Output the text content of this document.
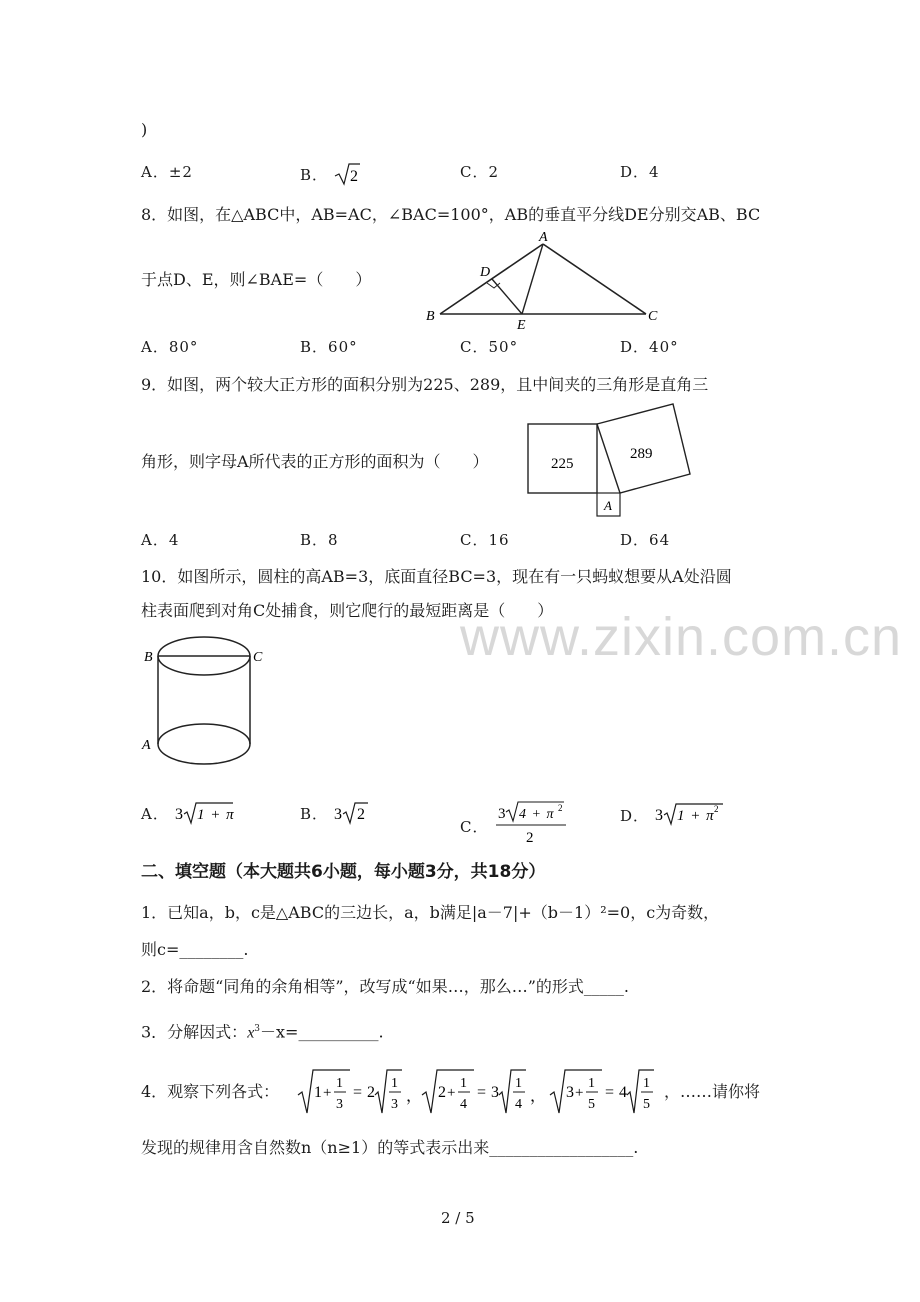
www.zixin.com.cn
)
A．±2	B． 2	C．2	D．4
8．如图，在△ABC中，AB=AC，∠BAC=100°，AB的垂直平分线DE分别交AB、BC
于点D、E，则∠BAE=（　　）
A
B	C
D
E
A．80°	B．60°	C．50°	D．40°
9．如图，两个较大正方形的面积分别为225、289，且中间夹的三角形是直角三
角形，则字母A所代表的正方形的面积为（　　）	225
289
A
A．4	B．8	C．16	D．64
10．如图所示，圆柱的高AB=3，底面直径BC=3，现在有一只蚂蚁想要从A处沿圆
柱表面爬到对角C处捕食，则它爬行的最短距离是（　　）
B	C
A
A． 3 1 + π	B． 3 2
C．
3 4 + π 2
2
D． 3 1 + π 2
二、填空题（本大题共6小题，每小题3分，共18分）
1．已知a，b，c是△ABC的三边长，a，b满足|a－7|+（b－1）²=0，c为奇数，
则c=________.
2．将命题“同角的余角相等”，改写成“如果…，那么…”的形式_____.
3．分解因式：$x^3-x=\_\_\_\_\_\_\_\_\_\_$.
4．观察下列各式： 1 +
1
3
= 2
1
3 ， 2 +
1
4
= 3
1
4 ， 3 +
1
5
= 4
1
5
，……请你将
发现的规律用含自然数n（n≥1）的等式表示出来__________________.
2 / 5
